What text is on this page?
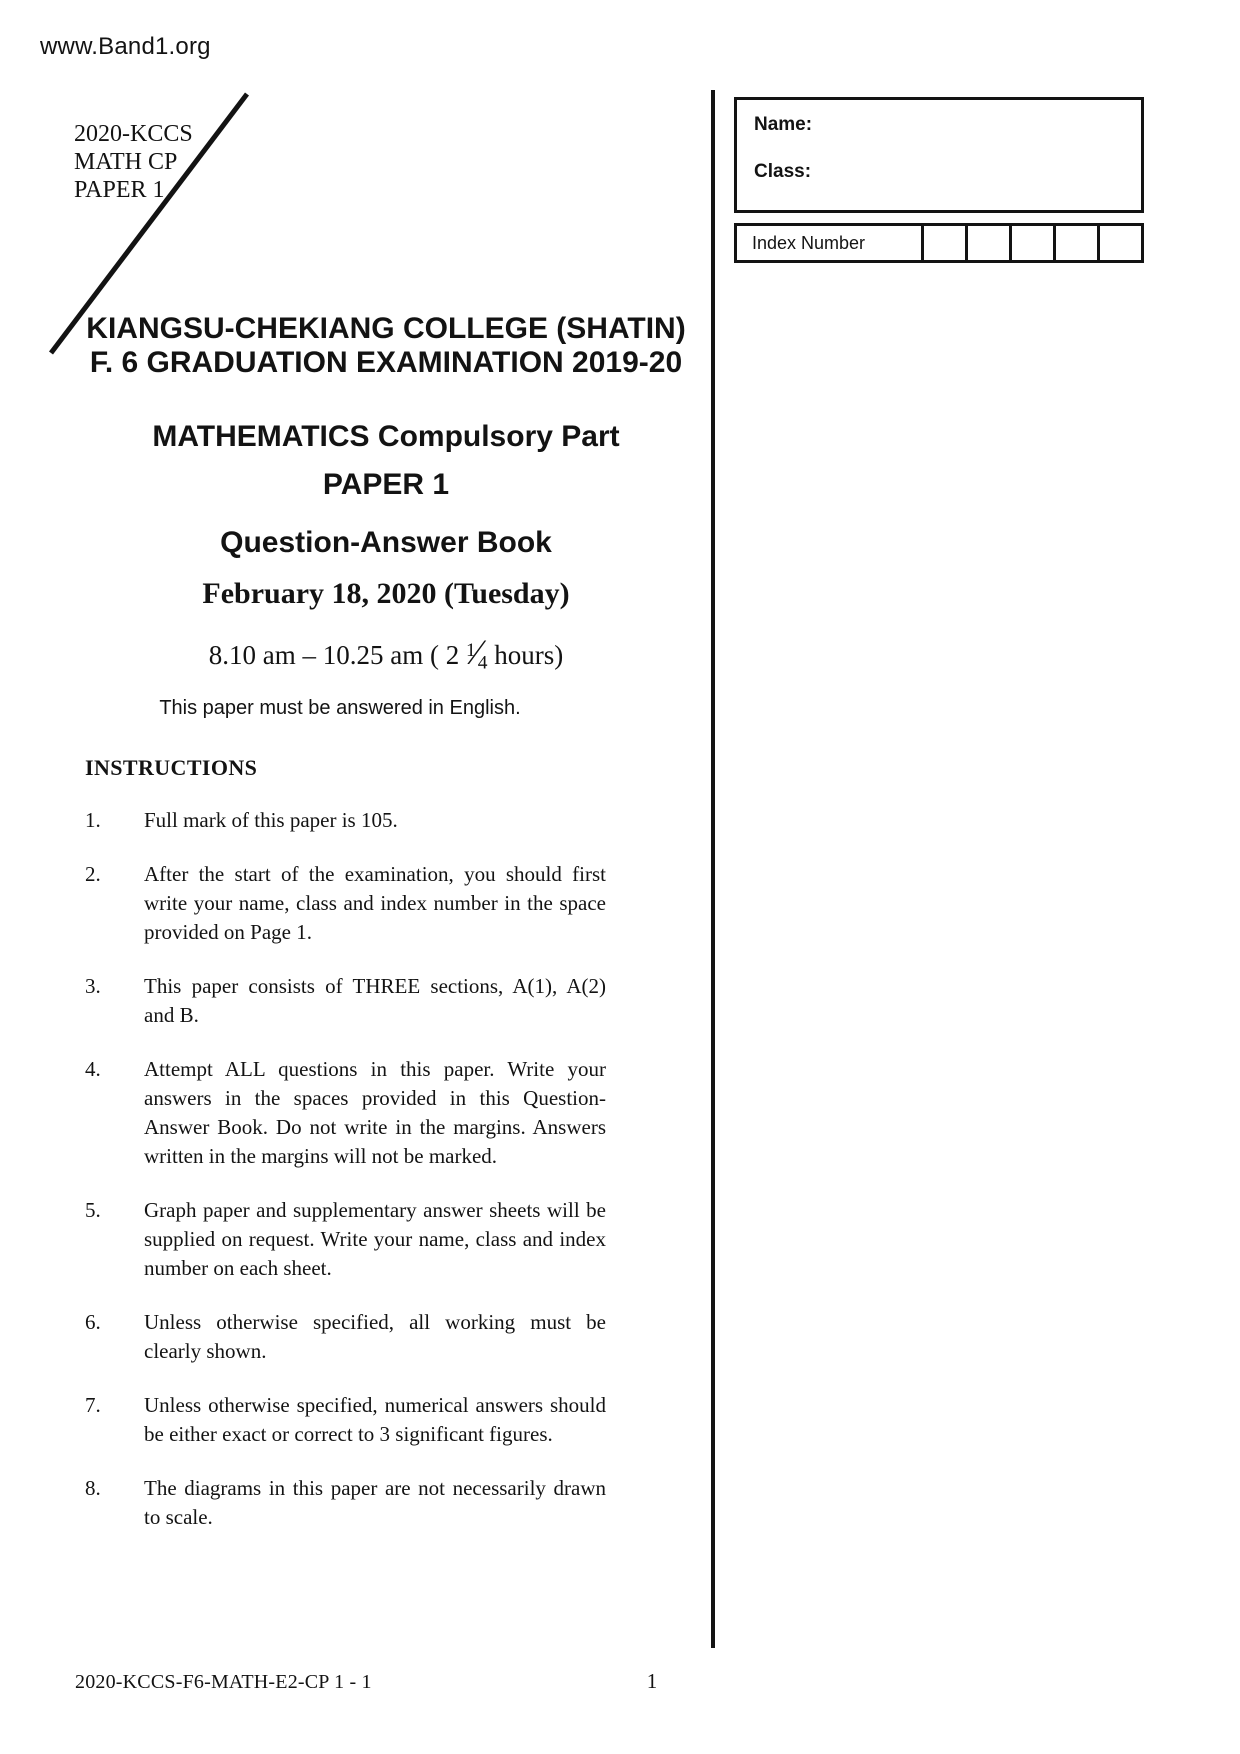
www.Band1.org
2020-KCCS
MATH CP
PAPER 1
Name:
Class:
Index Number
KIANGSU-CHEKIANG COLLEGE (SHATIN)
F. 6 GRADUATION EXAMINATION 2019-20
MATHEMATICS Compulsory Part
PAPER 1
Question-Answer Book
February 18, 2020 (Tuesday)
8.10 am – 10.25 am ( 2 $^1$⁄4 hours)
This paper must be answered in English.
INSTRUCTIONS
1. Full mark of this paper is 105.
2. After the start of the examination, you should first write your name, class and index number in the space provided on Page 1.
3. This paper consists of THREE sections, A(1), A(2) and B.
4. Attempt ALL questions in this paper. Write your answers in the spaces provided in this Question-Answer Book. Do not write in the margins. Answers written in the margins will not be marked.
5. Graph paper and supplementary answer sheets will be supplied on request. Write your name, class and index number on each sheet.
6. Unless otherwise specified, all working must be clearly shown.
7. Unless otherwise specified, numerical answers should be either exact or correct to 3 significant figures.
8. The diagrams in this paper are not necessarily drawn to scale.
2020-KCCS-F6-MATH-E2-CP 1 - 1	1
